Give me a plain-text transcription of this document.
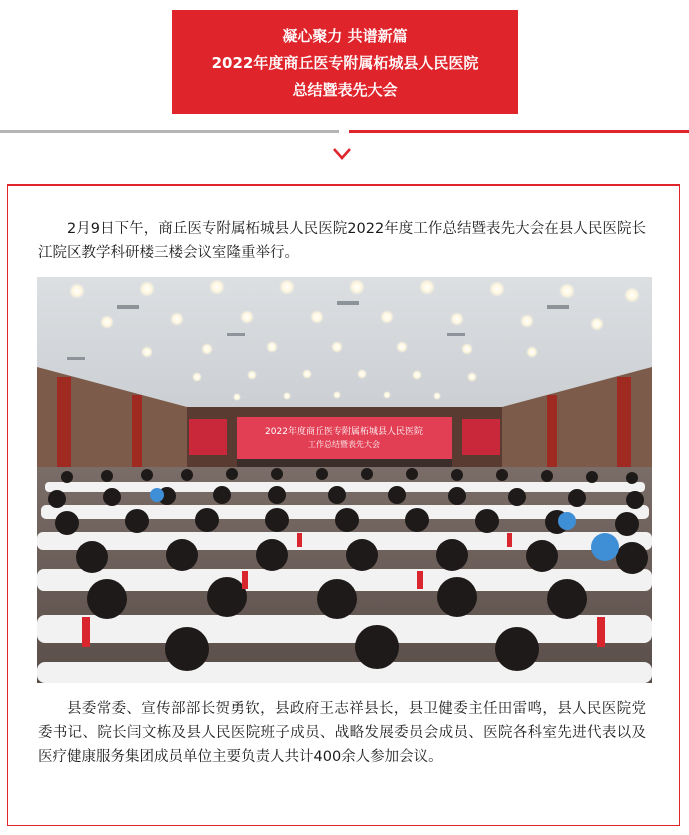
凝心聚力 共谱新篇
2022年度商丘医专附属柘城县人民医院
总结暨表先大会

2月9日下午，商丘医专附属柘城县人民医院2022年度工作总结暨表先大会在县人民医院长江院区教学科研楼三楼会议室隆重举行。

2022年度商丘医专附属柘城县人民医院
工作总结暨表先大会

县委常委、宣传部部长贺勇钦，县政府王志祥县长，县卫健委主任田雷鸣，县人民医院党委书记、院长闫文栋及县人民医院班子成员、战略发展委员会成员、医院各科室先进代表以及医疗健康服务集团成员单位主要负责人共计400余人参加会议。
